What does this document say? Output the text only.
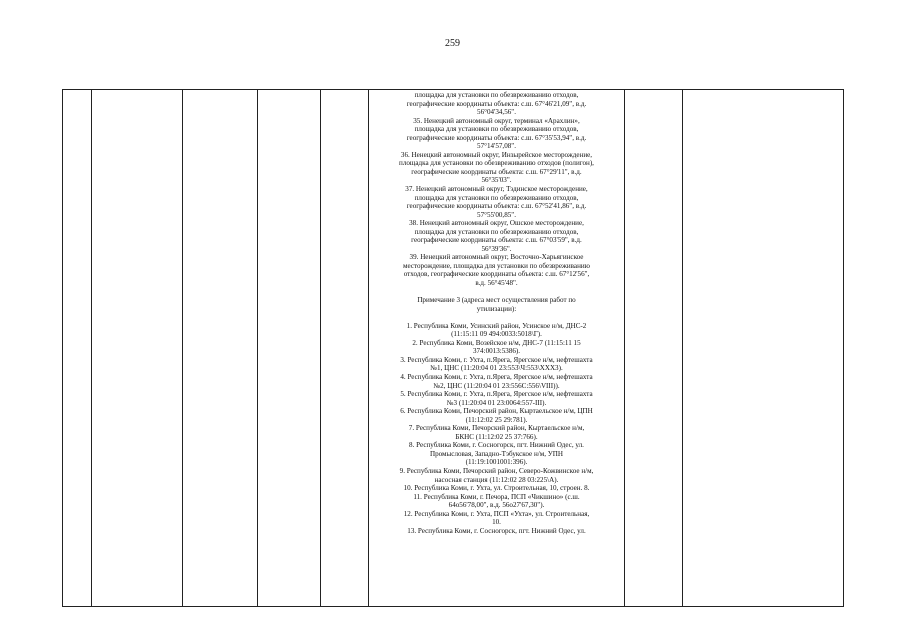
259

площадка для установки по обезвреживанию отходов,
географические координаты объекта: с.ш. 67°46'21,09", в.д.
56°04'34,56".
35. Ненецкий автономный округ, терминал «Арахлин»,
площадка для установки по обезвреживанию отходов,
географические координаты объекта: с.ш. 67°35'53,94", в.д.
57°14'57,08".
36. Ненецкий автономный округ, Инзырейское месторождение,
площадка для установки по обезвреживанию отходов (полигон),
географические координаты объекта: с.ш. 67°29'11", в.д.
56°35'03".
37. Ненецкий автономный округ, Тэдинское месторождение,
площадка для установки по обезвреживанию отходов,
географические координаты объекта: с.ш. 67°52'41,86", в.д.
57°55'00,85".
38. Ненецкий автономный округ, Ошское месторождение,
площадка для установки по обезвреживанию отходов,
географические координаты объекта: с.ш. 67°03'59", в.д.
56°39'36".
39. Ненецкий автономный округ, Восточно-Харьягинское
месторождение, площадка для установки по обезвреживанию
отходов, географические координаты объекта: с.ш. 67°12'56",
в.д. 56°45'48".
Примечание 3 (адреса мест осуществления работ по
утилизации):
1. Республика Коми, Усинский район, Усинское н/м, ДНС-2
(11:15:11 09 494:0033:5018\Г).
2. Республика Коми, Возейское н/м, ДНС-7 (11:15:11 15
374:0013:5386).
3. Республика Коми, г. Ухта, п.Ярега, Ярегское н/м, нефтешахта
№1, ЦНС (11:20:04 01 23:553\Ч:553\XXX3).
4. Республика Коми, г. Ухта, п.Ярега, Ярегское н/м, нефтешахта
№2, ЦНС (11:20:04 01 23:556С:556\VIII)).
5. Республика Коми, г. Ухта, п.Ярега, Ярегское н/м, нефтешахта
№3 (11:20:04 01 23:0064:557-III).
6. Республика Коми, Печорский район, Кыртаельское н/м, ЦПН
(11:12:02 25 29:781).
7. Республика Коми, Печорский район, Кыртаельское н/м,
БКНС (11:12:02 25 37:766).
8. Республика Коми, г. Сосногорск, пгт. Нижний Одес, ул.
Промысловая, Западно-Тэбукское н/м, УПН
(11:19:1001001:396).
9. Республика Коми, Печорский район, Северо-Кожвинское н/м,
насосная станция (11:12:02 28 03:225\А).
10. Республика Коми, г. Ухта, ул. Строительная, 10, строен. 8.
11. Республика Коми, г. Печора, ПСП «Чикшино» (с.ш.
64о56'78,00", в.д. 56о27'67,30").
12. Республика Коми, г. Ухта, ПСП «Ухта», ул. Строительная,
10.
13. Республика Коми, г. Сосногорск, пгт. Нижний Одес, ул.
